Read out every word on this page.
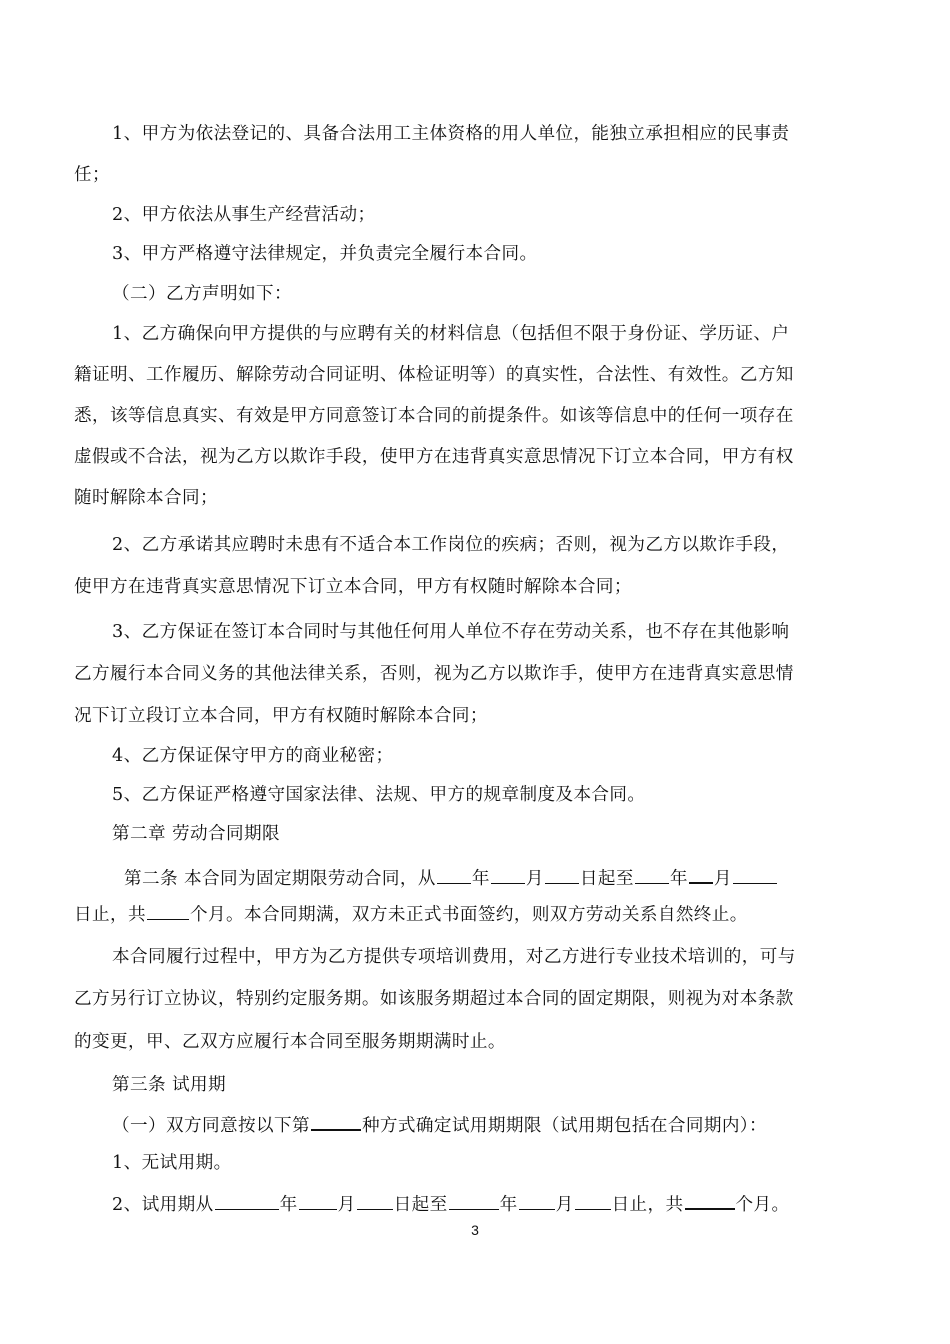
1、甲方为依法登记的、具备合法用工主体资格的用人单位，能独立承担相应的民事责
任；
2、甲方依法从事生产经营活动；
3、甲方严格遵守法律规定，并负责完全履行本合同。
（二）乙方声明如下：
1、乙方确保向甲方提供的与应聘有关的材料信息（包括但不限于身份证、学历证、户
籍证明、工作履历、解除劳动合同证明、体检证明等）的真实性，合法性、有效性。乙方知
悉，该等信息真实、有效是甲方同意签订本合同的前提条件。如该等信息中的任何一项存在
虚假或不合法，视为乙方以欺诈手段，使甲方在违背真实意思情况下订立本合同，甲方有权
随时解除本合同；
2、乙方承诺其应聘时未患有不适合本工作岗位的疾病；否则，视为乙方以欺诈手段，
使甲方在违背真实意思情况下订立本合同，甲方有权随时解除本合同；
3、乙方保证在签订本合同时与其他任何用人单位不存在劳动关系，也不存在其他影响
乙方履行本合同义务的其他法律关系，否则，视为乙方以欺诈手，使甲方在违背真实意思情
况下订立段订立本合同，甲方有权随时解除本合同；
4、乙方保证保守甲方的商业秘密；
5、乙方保证严格遵守国家法律、法规、甲方的规章制度及本合同。
第二章 劳动合同期限
第二条 本合同为固定期限劳动合同，从 年 月 日起至 年 月
日止，共	个月。本合同期满，双方未正式书面签约，则双方劳动关系自然终止。
本合同履行过程中，甲方为乙方提供专项培训费用，对乙方进行专业技术培训的，可与
乙方另行订立协议，特别约定服务期。如该服务期超过本合同的固定期限，则视为对本条款
的变更，甲、乙双方应履行本合同至服务期期满时止。
第三条 试用期
（一）双方同意按以下第	种方式确定试用期期限（试用期包括在合同期内）：
1、无试用期。
2、试用期从	年 月 日起至	年 月 日止，共	个月。
3
